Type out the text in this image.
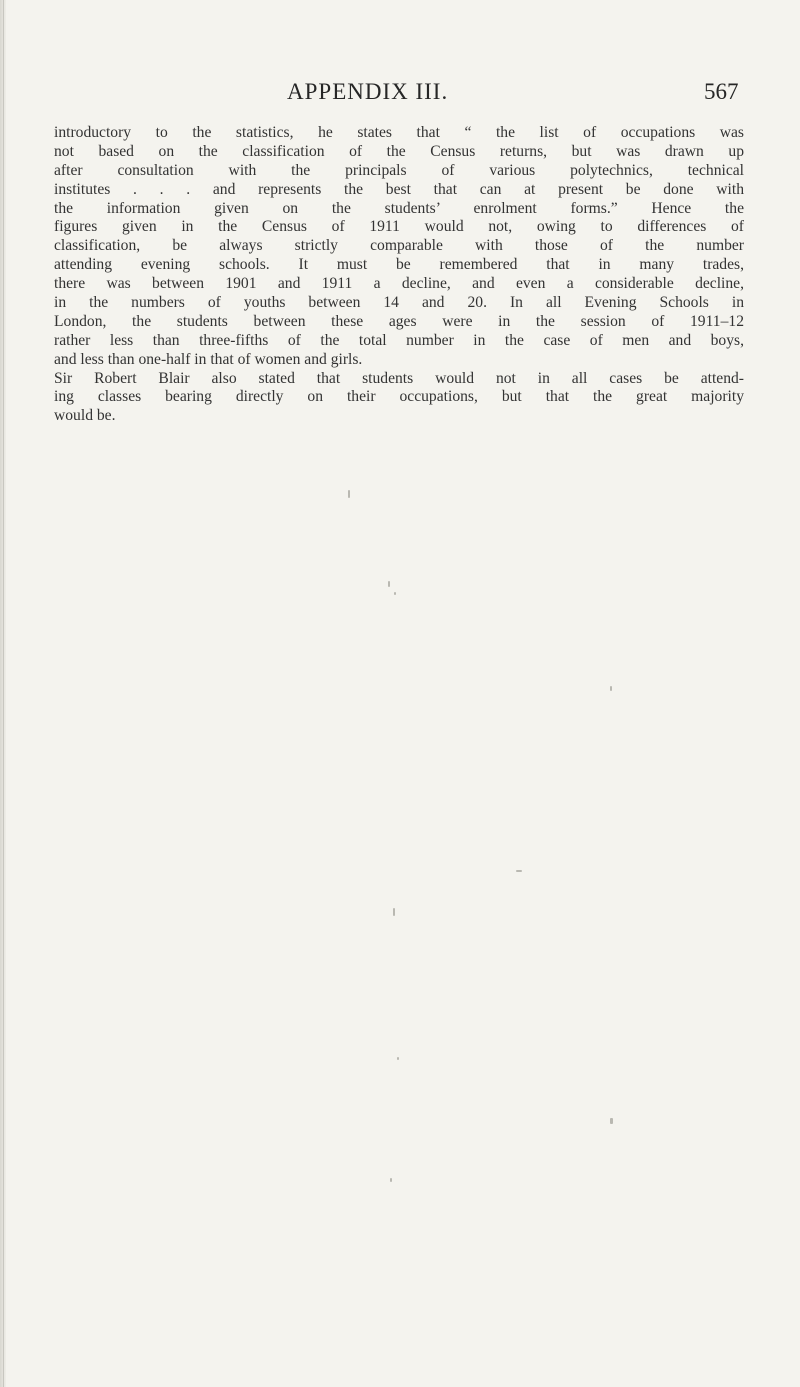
APPENDIX III.	567
introductory to the statistics, he states that “ the list of occupations was
not based on the classification of the Census returns, but was drawn up
after consultation with the principals of various polytechnics, technical
institutes . . . and represents the best that can at present be done with
the information given on the students’ enrolment forms.” Hence the
figures given in the Census of 1911 would not, owing to differences of
classification, be always strictly comparable with those of the number
attending evening schools. It must be remembered that in many trades,
there was between 1901 and 1911 a decline, and even a considerable decline,
in the numbers of youths between 14 and 20. In all Evening Schools in
London, the students between these ages were in the session of 1911–12
rather less than three-fifths of the total number in the case of men and boys,
and less than one-half in that of women and girls.
Sir Robert Blair also stated that students would not in all cases be attend-
ing classes bearing directly on their occupations, but that the great majority
would be.
